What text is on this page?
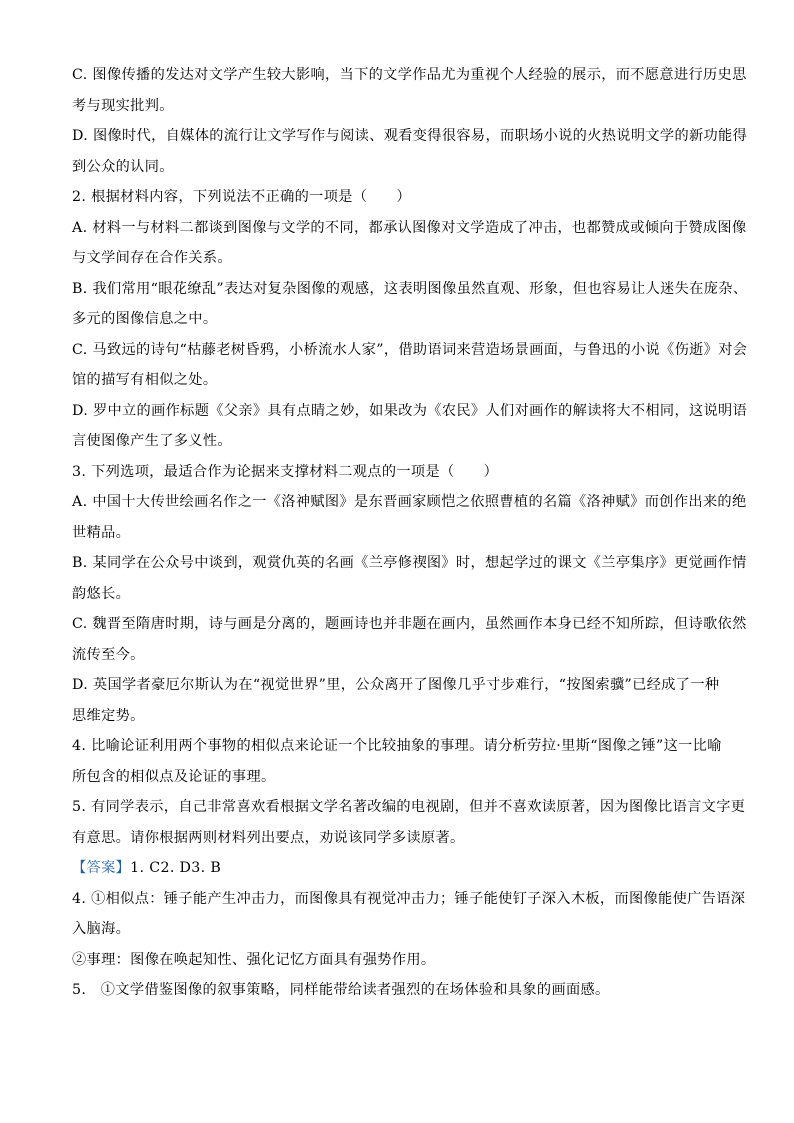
C. 图像传播的发达对文学产生较大影响，当下的文学作品尤为重视个人经验的展示，而不愿意进行历史思
考与现实批判。
D. 图像时代，自媒体的流行让文学写作与阅读、观看变得很容易，而职场小说的火热说明文学的新功能得
到公众的认同。
2. 根据材料内容，下列说法不正确的一项是（　　）
A. 材料一与材料二都谈到图像与文学的不同，都承认图像对文学造成了冲击，也都赞成或倾向于赞成图像
与文学间存在合作关系。
B. 我们常用“眼花缭乱”表达对复杂图像的观感，这表明图像虽然直观、形象，但也容易让人迷失在庞杂、
多元的图像信息之中。
C. 马致远的诗句“枯藤老树昏鸦，小桥流水人家”，借助语词来营造场景画面，与鲁迅的小说《伤逝》对会
馆的描写有相似之处。
D. 罗中立的画作标题《父亲》具有点睛之妙，如果改为《农民》人们对画作的解读将大不相同，这说明语
言使图像产生了多义性。
3. 下列选项，最适合作为论据来支撑材料二观点的一项是（　　）
A. 中国十大传世绘画名作之一《洛神赋图》是东晋画家顾恺之依照曹植的名篇《洛神赋》而创作出来的绝
世精品。
B. 某同学在公众号中谈到，观赏仇英的名画《兰亭修禊图》时，想起学过的课文《兰亭集序》更觉画作情
韵悠长。
C. 魏晋至隋唐时期，诗与画是分离的，题画诗也并非题在画内，虽然画作本身已经不知所踪，但诗歌依然
流传至今。
D. 英国学者豪厄尔斯认为在“视觉世界”里，公众离开了图像几乎寸步难行，“按图索骥”已经成了一种
思维定势。
4. 比喻论证利用两个事物的相似点来论证一个比较抽象的事理。请分析劳拉·里斯“图像之锤”这一比喻
所包含的相似点及论证的事理。
5. 有同学表示，自己非常喜欢看根据文学名著改编的电视剧，但并不喜欢读原著，因为图像比语言文字更
有意思。请你根据两则材料列出要点，劝说该同学多读原著。
【答案】1. C2. D3. B
4. ①相似点：锤子能产生冲击力，而图像具有视觉冲击力；锤子能使钉子深入木板，而图像能使广告语深
入脑海。
②事理：图像在唤起知性、强化记忆方面具有强势作用。
5.　①文学借鉴图像的叙事策略，同样能带给读者强烈的在场体验和具象的画面感。
